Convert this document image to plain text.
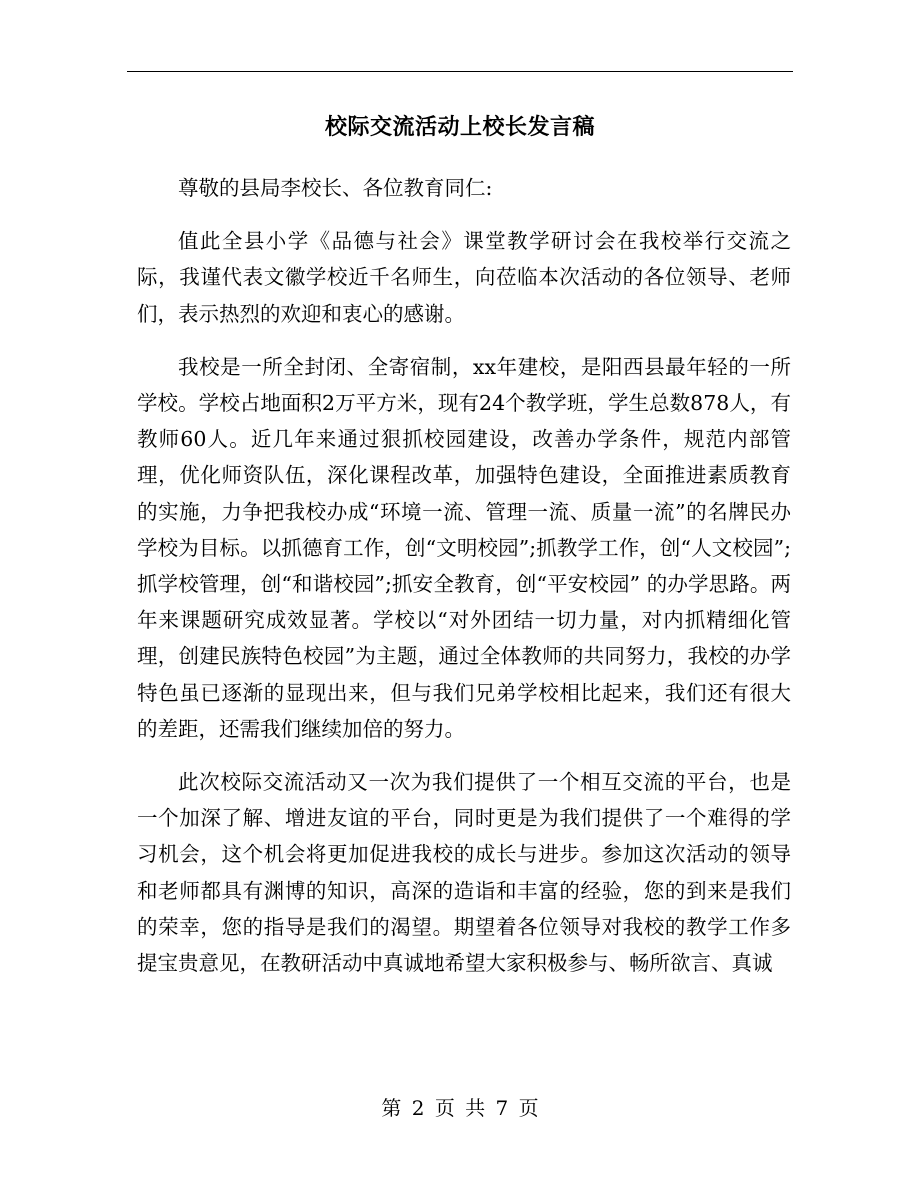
校际交流活动上校长发言稿

尊敬的县局李校长、各位教育同仁:

值此全县小学《品德与社会》课堂教学研讨会在我校举行交流之际，我谨代表文徽学校近千名师生，向莅临本次活动的各位领导、老师们，表示热烈的欢迎和衷心的感谢。

我校是一所全封闭、全寄宿制，xx年建校，是阳西县最年轻的一所学校。学校占地面积2万平方米，现有24个教学班，学生总数878人，有教师60人。近几年来通过狠抓校园建设，改善办学条件，规范内部管理，优化师资队伍，深化课程改革，加强特色建设，全面推进素质教育的实施，力争把我校办成“环境一流、管理一流、质量一流”的名牌民办学校为目标。以抓德育工作，创“文明校园”;抓教学工作，创“人文校园”;抓学校管理，创“和谐校园”;抓安全教育，创“平安校园” 的办学思路。两年来课题研究成效显著。学校以“对外团结一切力量，对内抓精细化管理，创建民族特色校园”为主题，通过全体教师的共同努力，我校的办学特色虽已逐渐的显现出来，但与我们兄弟学校相比起来，我们还有很大的差距，还需我们继续加倍的努力。

此次校际交流活动又一次为我们提供了一个相互交流的平台，也是一个加深了解、增进友谊的平台，同时更是为我们提供了一个难得的学习机会，这个机会将更加促进我校的成长与进步。参加这次活动的领导和老师都具有渊博的知识，高深的造诣和丰富的经验，您的到来是我们的荣幸，您的指导是我们的渴望。期望着各位领导对我校的教学工作多提宝贵意见，在教研活动中真诚地希望大家积极参与、畅所欲言、真诚

第 2 页 共 7 页
